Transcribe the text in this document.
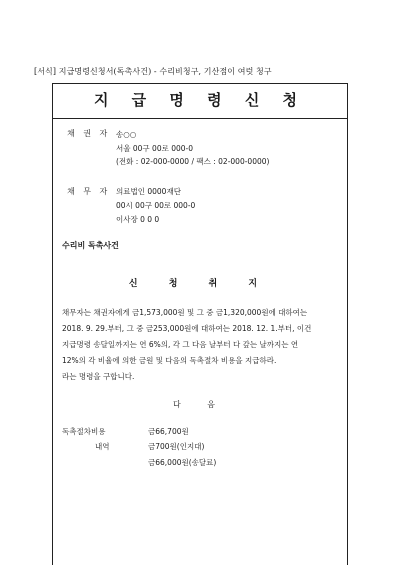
[서식] 지급명령신청서(독촉사건) - 수리비청구, 기산점이 여럿 청구
지 급 명 령 신 청
채 권 자 송○○
서울 00구 00로 000-0
(전화 : 02-000-0000 / 팩스 : 02-000-0000)
채 무 자 의료법인 0000재단
00시 00구 00로 000-0
이사장 0 0 0
수리비 독촉사건
신 청 취 지
채무자는 채권자에게 금1,573,000원 및 그 중 금1,320,000원에 대하여는
2018. 9. 29.부터, 그 중 금253,000원에 대하여는 2018. 12. 1.부터, 이건
지급명령 송달일까지는 연 6%의, 각 그 다음 날부터 다 갚는 날까지는 연
12%의 각 비율에 의한 금원 및 다음의 독촉절차 비용을 지급하라.
라는 명령을 구합니다.
다 음
독촉절차비용	금66,700원
내역	금700원(인지대)
금66,000원(송달료)
